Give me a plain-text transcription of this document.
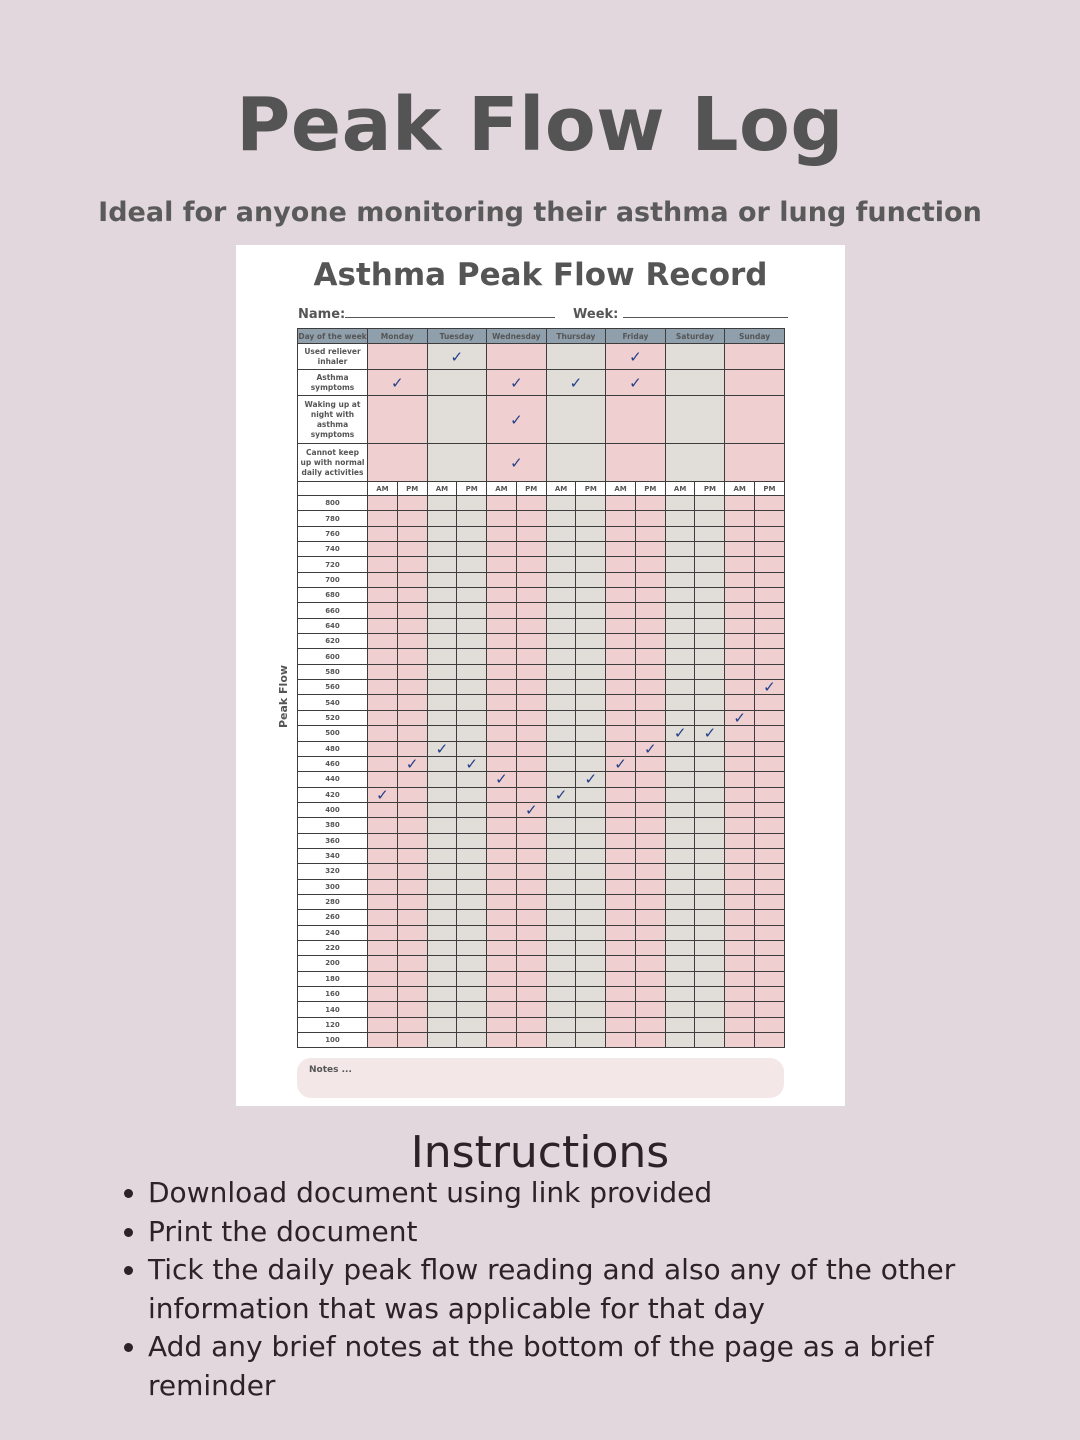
Peak Flow Log
Ideal for anyone monitoring their asthma or lung function
Asthma Peak Flow Record
Name:	Week:
Peak Flow
Day of the week	Monday		Tuesday		Wednesday		Thursday		Friday		Saturday		Sunday	
Used reliever inhaler			✓						✓					

Asthma symptoms	✓				✓		✓		✓					

Waking up at night with asthma symptoms					✓									

Cannot keep up with normal daily activities					✓									

	AM	PM	AM	PM	AM	PM	AM	PM	AM	PM	AM	PM	AM	PM
800														
780														
760														
740														
720														
700														
680														
660														
640														
620														
600														
580														
560														✓

540														
520													✓	

500											✓	✓		

480			✓							✓				

460		✓		✓					✓					

440					✓			✓						

420	✓						✓							

400						✓								

380														
360														
340														
320														
300														
280														
260														
240														
220														
200														
180														
160														
140														
120														
100														
Notes ...
Instructions
• Download document using link provided
• Print the document
• Tick the daily peak flow reading and also any of the other information that was applicable for that day
• Add any brief notes at the bottom of the page as a brief reminder
